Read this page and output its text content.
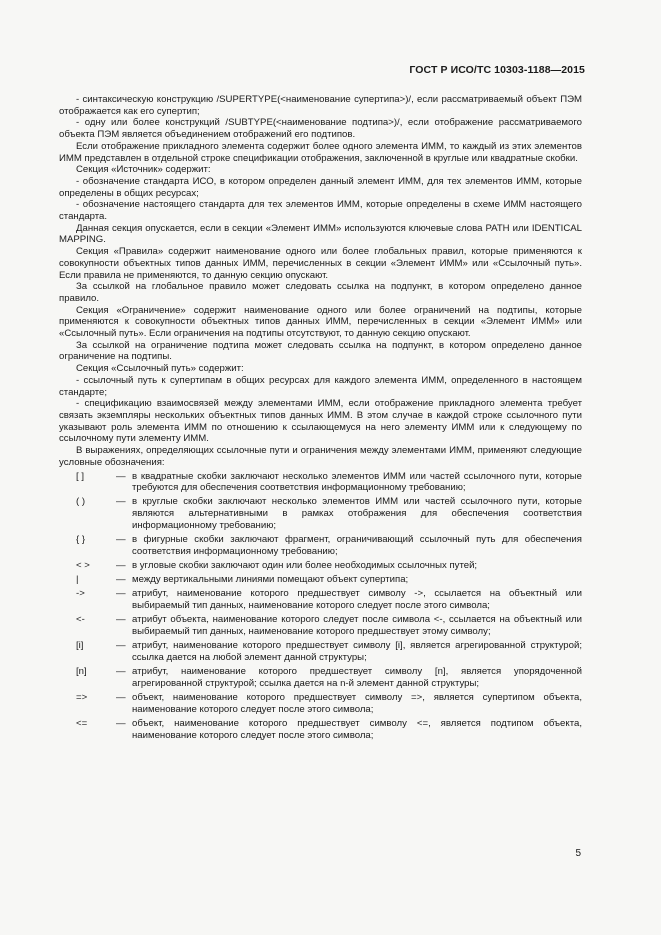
ГОСТ Р ИСО/ТС 10303-1188—2015

- синтаксическую конструкцию /SUPERTYPE(<наименование супертипа>)/, если рассматриваемый объект ПЭМ отображается как его супертип;

- одну или более конструкций /SUBTYPE(<наименование подтипа>)/, если отображение рассматриваемого объекта ПЭМ является объединением отображений его подтипов.

Если отображение прикладного элемента содержит более одного элемента ИММ, то каждый из этих элементов ИММ представлен в отдельной строке спецификации отображения, заключенной в круглые или квадратные скобки.

Секция «Источник» содержит:

- обозначение стандарта ИСО, в котором определен данный элемент ИММ, для тех элементов ИММ, которые определены в общих ресурсах;

- обозначение настоящего стандарта для тех элементов ИММ, которые определены в схеме ИММ настоящего стандарта.

Данная секция опускается, если в секции «Элемент ИММ» используются ключевые слова PATH или IDENTICAL MAPPING.

Секция «Правила» содержит наименование одного или более глобальных правил, которые применяются к совокупности объектных типов данных ИММ, перечисленных в секции «Элемент ИММ» или «Ссылочный путь». Если правила не применяются, то данную секцию опускают.

За ссылкой на глобальное правило может следовать ссылка на подпункт, в котором определено данное правило.

Секция «Ограничение» содержит наименование одного или более ограничений на подтипы, которые применяются к совокупности объектных типов данных ИММ, перечисленных в секции «Элемент ИММ» или «Ссылочный путь». Если ограничения на подтипы отсутствуют, то данную секцию опускают.

За ссылкой на ограничение подтипа может следовать ссылка на подпункт, в котором определено данное ограничение на подтипы.

Секция «Ссылочный путь» содержит:

- ссылочный путь к супертипам в общих ресурсах для каждого элемента ИММ, определенного в настоящем стандарте;

- спецификацию взаимосвязей между элементами ИММ, если отображение прикладного элемента требует связать экземпляры нескольких объектных типов данных ИММ. В этом случае в каждой строке ссылочного пути указывают роль элемента ИММ по отношению к ссылающемуся на него элементу ИММ или к следующему по ссылочному пути элементу ИММ.

В выражениях, определяющих ссылочные пути и ограничения между элементами ИММ, применяют следующие условные обозначения:

[ ]	— в квадратные скобки заключают несколько элементов ИММ или частей ссылочного пути, которые требуются для обеспечения соответствия информационному требованию;
( )	— в круглые скобки заключают несколько элементов ИММ или частей ссылочного пути, которые являются альтернативными в рамках отображения для обеспечения соответствия информационному требованию;
{ }	— в фигурные скобки заключают фрагмент, ограничивающий ссылочный путь для обеспечения соответствия информационному требованию;
< >	— в угловые скобки заключают один или более необходимых ссылочных путей;
|	— между вертикальными линиями помещают объект супертипа;
->	— атрибут, наименование которого предшествует символу ->, ссылается на объектный или выбираемый тип данных, наименование которого следует после этого символа;
<-	— атрибут объекта, наименование которого следует после символа <-, ссылается на объектный или выбираемый тип данных, наименование которого предшествует этому символу;
[i]	— атрибут, наименование которого предшествует символу [i], является агрегированной структурой; ссылка дается на любой элемент данной структуры;
[n]	— атрибут, наименование которого предшествует символу [n], является упорядоченной агрегированной структурой; ссылка дается на n-й элемент данной структуры;
=>	— объект, наименование которого предшествует символу =>, является супертипом объекта, наименование которого следует после этого символа;
<=	— объект, наименование которого предшествует символу <=, является подтипом объекта, наименование которого следует после этого символа;
5
